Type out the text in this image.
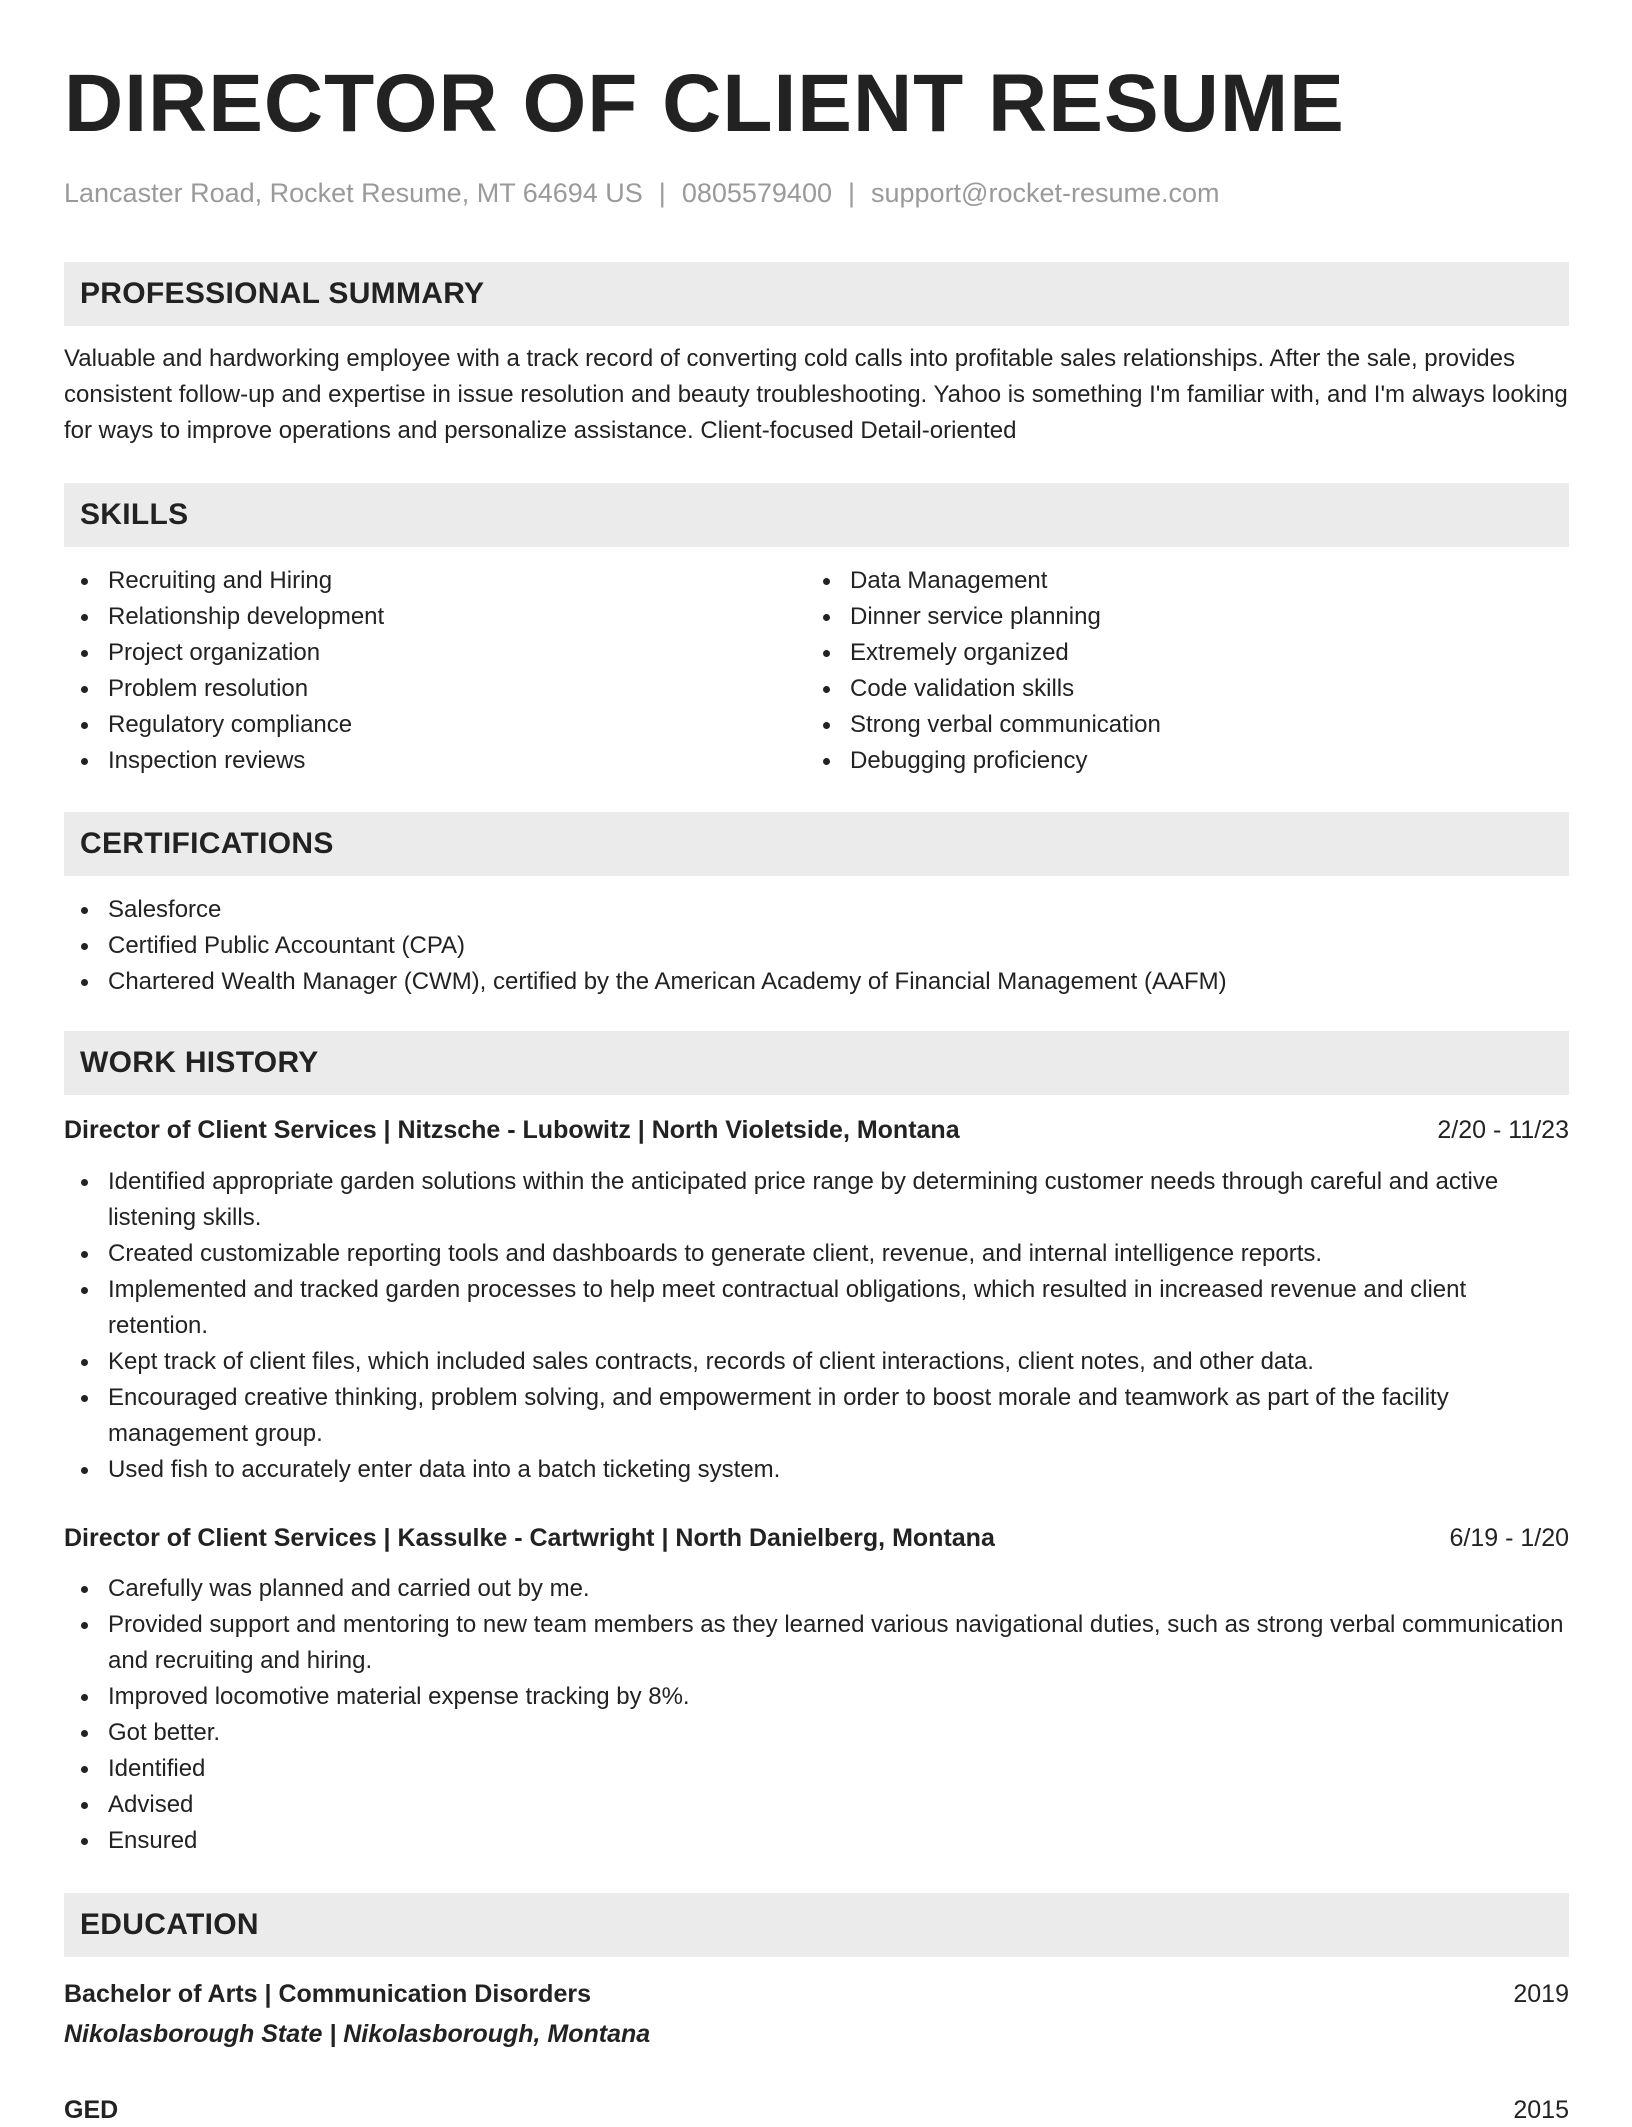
DIRECTOR OF CLIENT RESUME
Lancaster Road, Rocket Resume, MT 64694 US | 0805579400 | support@rocket-resume.com
PROFESSIONAL SUMMARY
Valuable and hardworking employee with a track record of converting cold calls into profitable sales relationships. After the sale, provides consistent follow-up and expertise in issue resolution and beauty troubleshooting. Yahoo is something I'm familiar with, and I'm always looking for ways to improve operations and personalize assistance. Client-focused Detail-oriented
SKILLS
Recruiting and Hiring
Relationship development
Project organization
Problem resolution
Regulatory compliance
Inspection reviews
Data Management
Dinner service planning
Extremely organized
Code validation skills
Strong verbal communication
Debugging proficiency
CERTIFICATIONS
Salesforce
Certified Public Accountant (CPA)
Chartered Wealth Manager (CWM), certified by the American Academy of Financial Management (AAFM)
WORK HISTORY
Director of Client Services | Nitzsche - Lubowitz | North Violetside, Montana	2/20 - 11/23
Identified appropriate garden solutions within the anticipated price range by determining customer needs through careful and active listening skills.
Created customizable reporting tools and dashboards to generate client, revenue, and internal intelligence reports.
Implemented and tracked garden processes to help meet contractual obligations, which resulted in increased revenue and client retention.
Kept track of client files, which included sales contracts, records of client interactions, client notes, and other data.
Encouraged creative thinking, problem solving, and empowerment in order to boost morale and teamwork as part of the facility management group.
Used fish to accurately enter data into a batch ticketing system.
Director of Client Services | Kassulke - Cartwright | North Danielberg, Montana	6/19 - 1/20
Carefully was planned and carried out by me.
Provided support and mentoring to new team members as they learned various navigational duties, such as strong verbal communication and recruiting and hiring.
Improved locomotive material expense tracking by 8%.
Got better.
Identified
Advised
Ensured
EDUCATION
Bachelor of Arts | Communication Disorders	2019
Nikolasborough State | Nikolasborough, Montana
GED	2015
